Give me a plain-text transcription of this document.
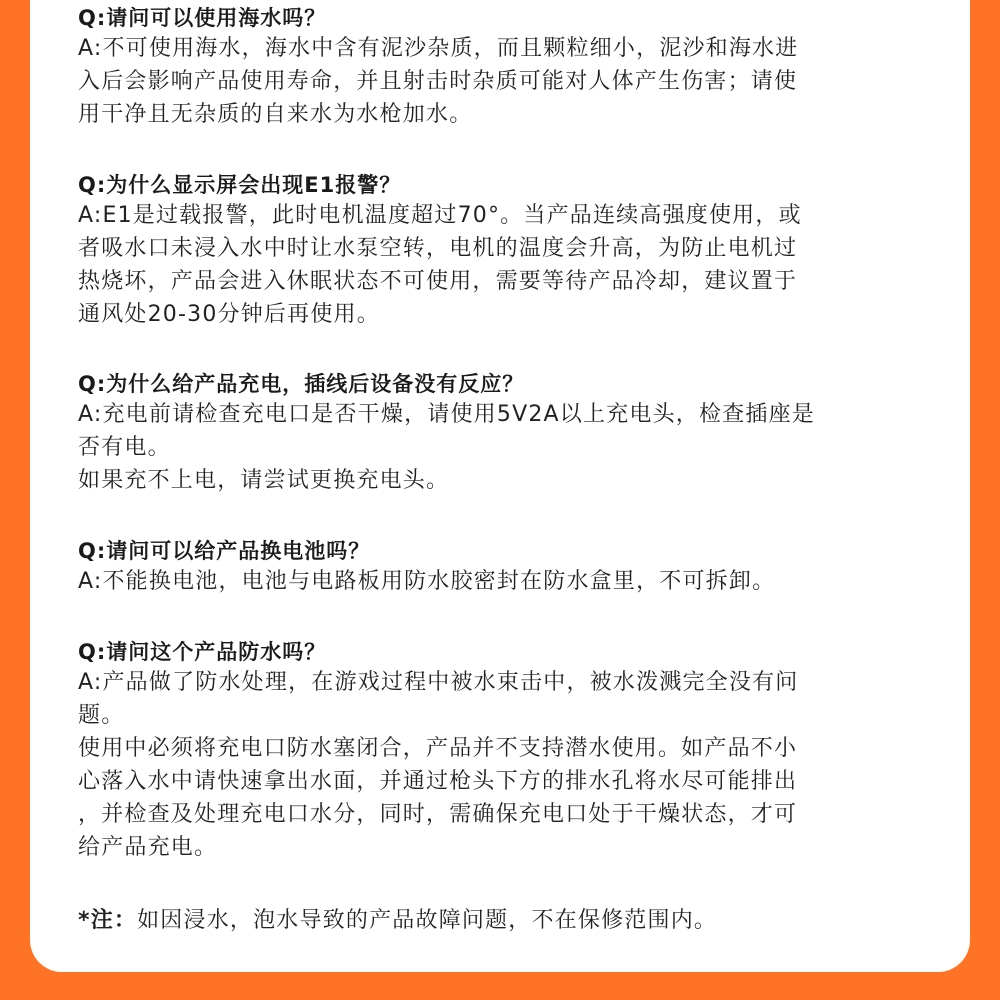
Q:请问可以使用海水吗？
A:不可使用海水，海水中含有泥沙杂质，而且颗粒细小，泥沙和海水进
入后会影响产品使用寿命，并且射击时杂质可能对人体产生伤害；请使
用干净且无杂质的自来水为水枪加水。
Q:为什么显示屏会出现E1报警？
A:E1是过载报警，此时电机温度超过70°。当产品连续高强度使用，或
者吸水口未浸入水中时让水泵空转，电机的温度会升高，为防止电机过
热烧坏，产品会进入休眠状态不可使用，需要等待产品冷却，建议置于
通风处20-30分钟后再使用。
Q:为什么给产品充电，插线后设备没有反应？
A:充电前请检查充电口是否干燥，请使用5V2A以上充电头，检查插座是
否有电。
如果充不上电，请尝试更换充电头。
Q:请问可以给产品换电池吗？
A:不能换电池，电池与电路板用防水胶密封在防水盒里，不可拆卸。
Q:请问这个产品防水吗？
A:产品做了防水处理，在游戏过程中被水束击中，被水泼溅完全没有问
题。
使用中必须将充电口防水塞闭合，产品并不支持潜水使用。如产品不小
心落入水中请快速拿出水面，并通过枪头下方的排水孔将水尽可能排出
，并检查及处理充电口水分，同时，需确保充电口处于干燥状态，才可
给产品充电。
*注：如因浸水，泡水导致的产品故障问题，不在保修范围内。
